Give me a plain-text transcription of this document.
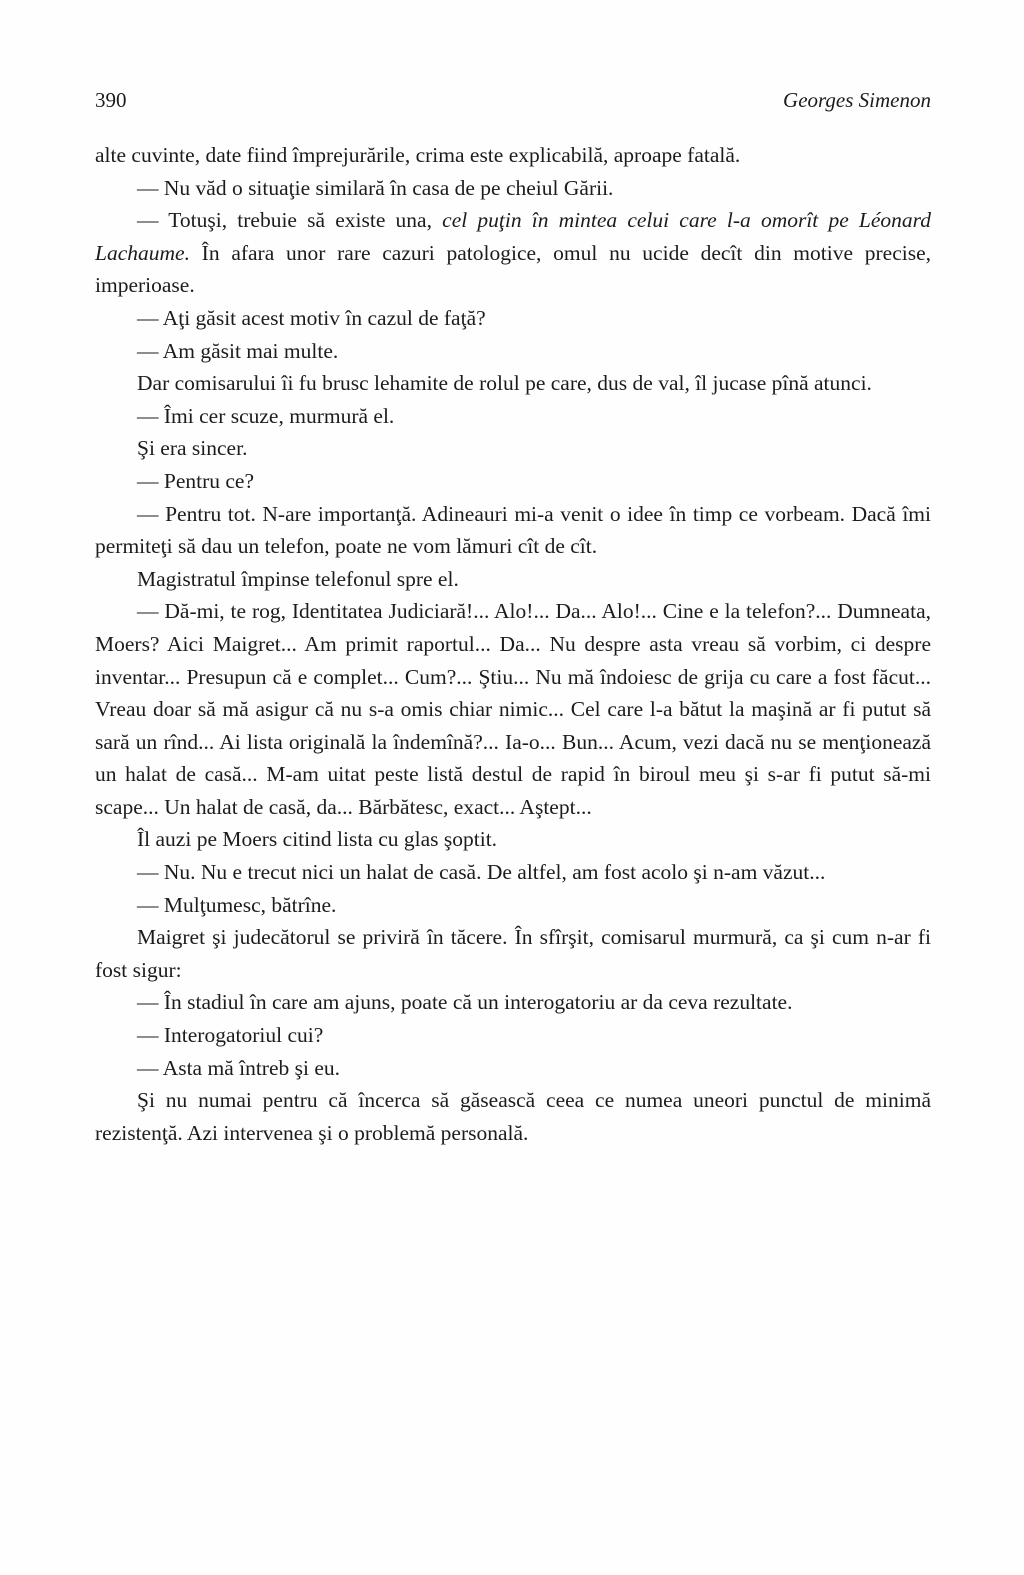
390	Georges Simenon

alte cuvinte, date fiind împrejurările, crima este explicabilă, aproape fatală.

— Nu văd o situaţie similară în casa de pe cheiul Gării.

— Totuşi, trebuie să existe una, cel puţin în mintea celui care l-a omorît pe Léonard Lachaume. În afara unor rare cazuri patologice, omul nu ucide decît din motive precise, imperioase.

— Aţi găsit acest motiv în cazul de faţă?

— Am găsit mai multe.

Dar comisarului îi fu brusc lehamite de rolul pe care, dus de val, îl jucase pînă atunci.

— Îmi cer scuze, murmură el.

Şi era sincer.

— Pentru ce?

— Pentru tot. N-are importanţă. Adineauri mi-a venit o idee în timp ce vorbeam. Dacă îmi permiteţi să dau un telefon, poate ne vom lămuri cît de cît.

Magistratul împinse telefonul spre el.

— Dă-mi, te rog, Identitatea Judiciară!... Alo!... Da... Alo!... Cine e la telefon?... Dumneata, Moers? Aici Maigret... Am primit raportul... Da... Nu despre asta vreau să vorbim, ci despre inventar... Presupun că e complet... Cum?... Ştiu... Nu mă îndoiesc de grija cu care a fost făcut... Vreau doar să mă asigur că nu s-a omis chiar nimic... Cel care l-a bătut la maşină ar fi putut să sară un rînd... Ai lista originală la îndemînă?... Ia-o... Bun... Acum, vezi dacă nu se menţionează un halat de casă... M-am uitat peste listă destul de rapid în biroul meu şi s-ar fi putut să-mi scape... Un halat de casă, da... Bărbătesc, exact... Aştept...

Îl auzi pe Moers citind lista cu glas şoptit.

— Nu. Nu e trecut nici un halat de casă. De altfel, am fost acolo şi n-am văzut...

— Mulţumesc, bătrîne.

Maigret şi judecătorul se priviră în tăcere. În sfîrşit, comisarul murmură, ca şi cum n-ar fi fost sigur:

— În stadiul în care am ajuns, poate că un interogatoriu ar da ceva rezultate.

— Interogatoriul cui?

— Asta mă întreb şi eu.

Şi nu numai pentru că încerca să găsească ceea ce numea uneori punctul de minimă rezistenţă. Azi intervenea şi o problemă personală.
